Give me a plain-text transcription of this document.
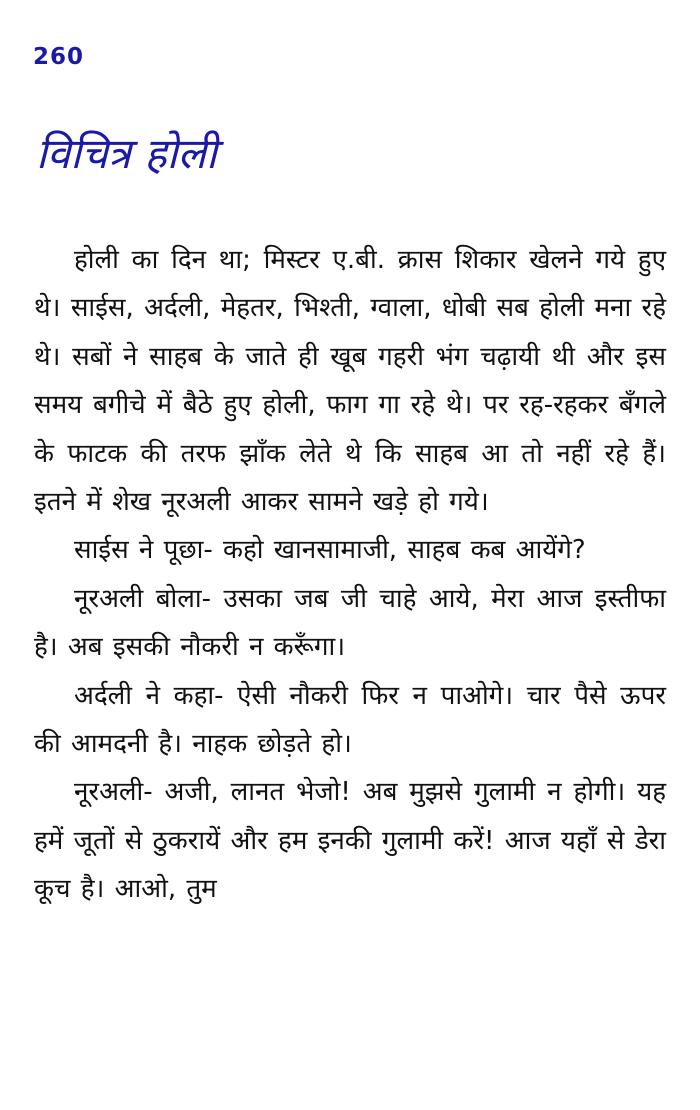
260
विचित्र होली

होली का दिन था; मिस्टर ए.बी. क्रास शिकार खेलने गये हुए थे। साईस, अर्दली, मेहतर, भिश्ती, ग्वाला, धोबी सब होली मना रहे थे। सबों ने साहब के जाते ही खूब गहरी भंग चढ़ायी थी और इस समय बगीचे में बैठे हुए होली, फाग गा रहे थे। पर रह-रहकर बँगले के फाटक की तरफ झाँक लेते थे कि साहब आ तो नहीं रहे हैं। इतने में शेख नूरअली आकर सामने खड़े हो गये।

साईस ने पूछा- कहो खानसामाजी, साहब कब आयेंगे?

नूरअली बोला- उसका जब जी चाहे आये, मेरा आज इस्तीफा है। अब इसकी नौकरी न करूँगा।

अर्दली ने कहा- ऐसी नौकरी फिर न पाओगे। चार पैसे ऊपर की आमदनी है। नाहक छोड़ते हो।

नूरअली- अजी, लानत भेजो! अब मुझसे गुलामी न होगी। यह हमें जूतों से ठुकरायें और हम इनकी गुलामी करें! आज यहाँ से डेरा कूच है। आओ, तुम
